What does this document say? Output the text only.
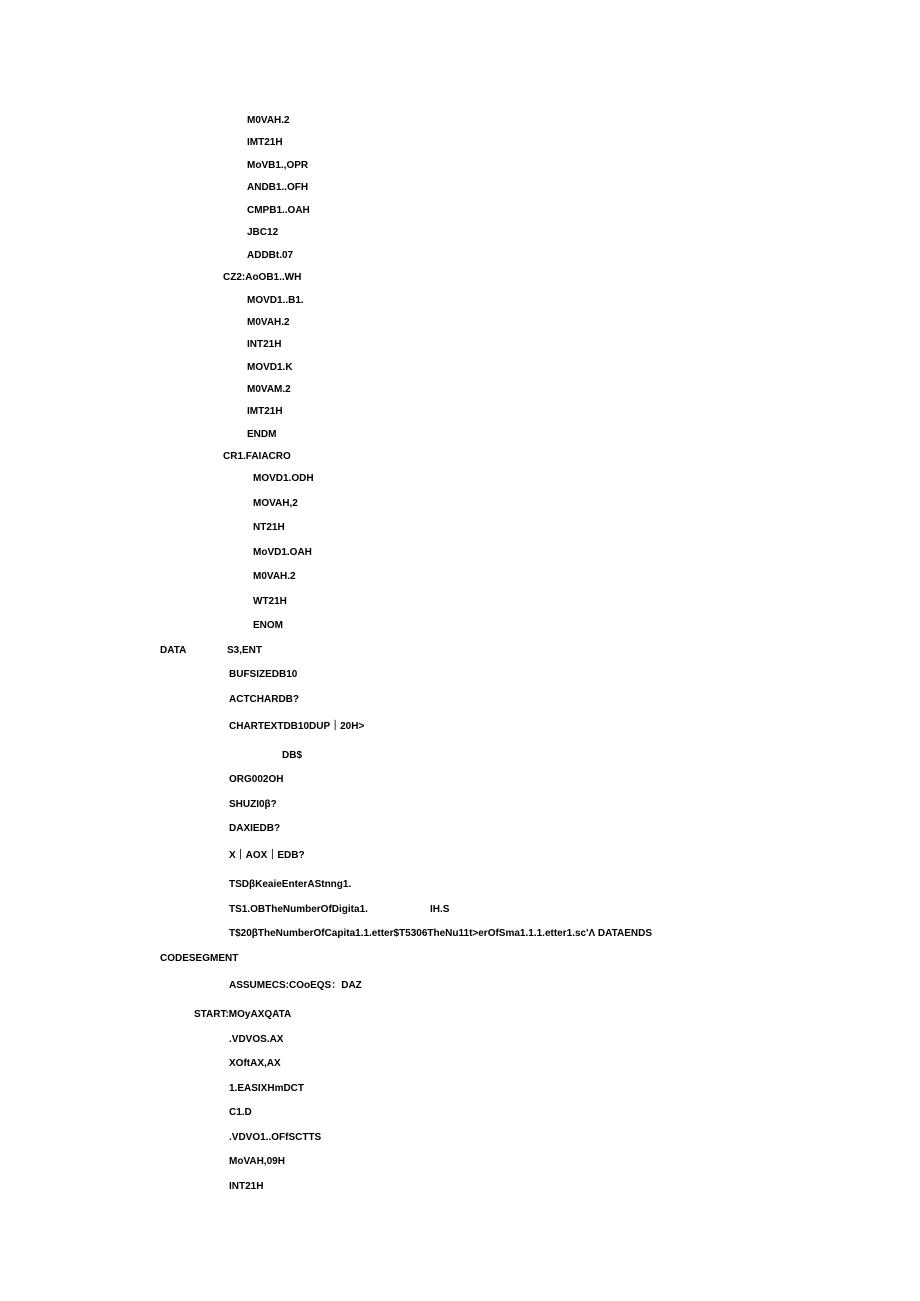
M0VAH.2
IMT21H
MoVB1.,OPR
ANDB1..OFH
CMPB1..OAH
JBC12
ADDBt.07
CZ2:AoOB1..WH
MOVD1..B1.
M0VAH.2
INT21H
MOVD1.K
M0VAM.2
IMT21H
ENDM
CR1.FAIACRO
MOVD1.ODH
MOVAH,2
NT21H
MoVD1.OAH
M0VAH.2
WT21H
ENOM
DATA	S3,ENT
BUFSIZEDB10
ACTCHARDB?
CHARTEXTDB10DUP｜20H>
DB$
ORG002OH
SHUZI0β?
DAXIEDB?
X｜AOX｜EDB?
TSDβKeaieEnterAStnng1.
TS1.OBTheNumberOfDigita1.	IH.S
T$20βTheNumberOfCapita1.1.etter$T5306TheNu11t>erOfSma1.1.1.etter1.sc'Λ DATAENDS
CODESEGMENT
ASSUMECS:COoEQS：DAZ
START:MOyAXQATA
.VDVOS.AX
XOftAX,AX
1.EASIXHmDCT
C1.D
.VDVO1..OFfSCTTS
MoVAH,09H
INT21H
